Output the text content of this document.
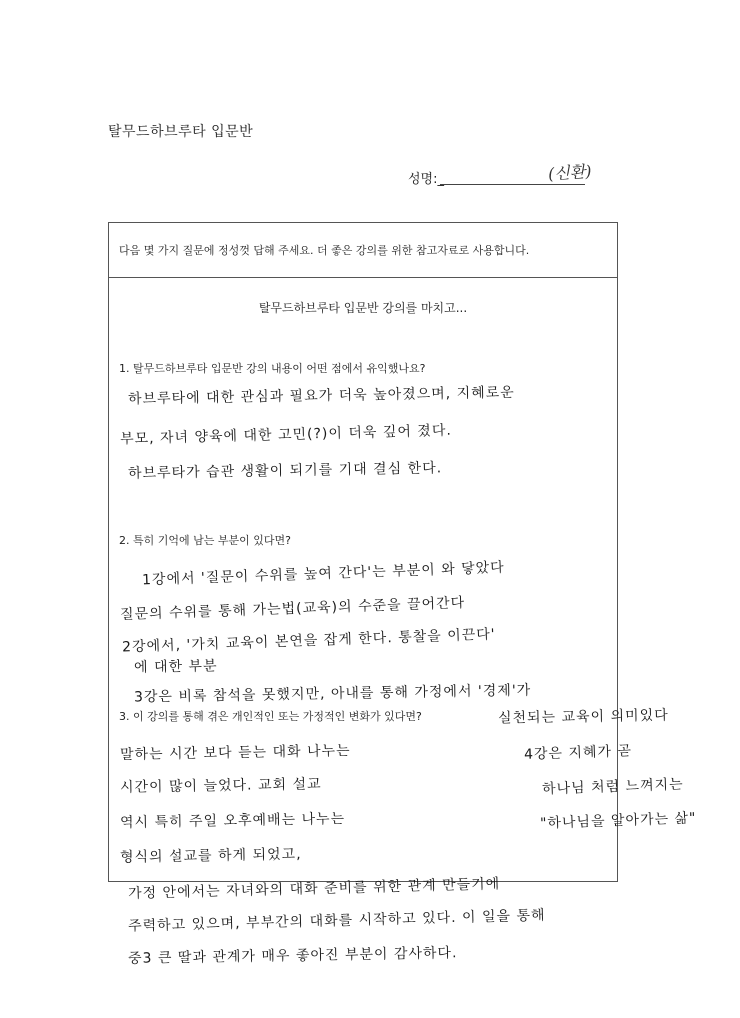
탈무드하브루타 입문반
성명:_	(신환)
다음 몇 가지 질문에 정성껏 답해 주세요. 더 좋은 강의를 위한 참고자료로 사용합니다.
탈무드하브루타 입문반 강의를 마치고...
1. 탈무드하브루타 입문반 강의 내용이 어떤 점에서 유익했나요?
2. 특히 기억에 남는 부분이 있다면?
3. 이 강의를 통해 겪은 개인적인 또는 가정적인 변화가 있다면?
하브루타에 대한 관심과 필요가 더욱 높아졌으며, 지혜로운
부모, 자녀 양육에 대한 고민(?)이 더욱 깊어 졌다.
하브루타가 습관 생활이 되기를 기대 결심 한다.
1강에서 '질문이 수위를 높여 간다'는 부분이 와 닿았다
질문의 수위를 통해 가는법(교육)의 수준을 끌어간다
2강에서, '가치 교육이 본연을 잡게 한다. 통찰을 이끈다'
에 대한 부분
3강은 비록 참석을 못했지만, 아내를 통해 가정에서 '경제'가
실천되는 교육이 의미있다
말하는 시간 보다 듣는 대화 나누는
시간이 많이 늘었다. 교회 설교
역시 특히 주일 오후예배는 나누는
형식의 설교를 하게 되었고,
4강은 지혜가 곧
하나님 처럼 느껴지는
"하나님을 알아가는 삶"
가정 안에서는 자녀와의 대화 준비를 위한 관계 만들기에
주력하고 있으며, 부부간의 대화를 시작하고 있다. 이 일을 통해
중3 큰 딸과 관계가 매우 좋아진 부분이 감사하다.
